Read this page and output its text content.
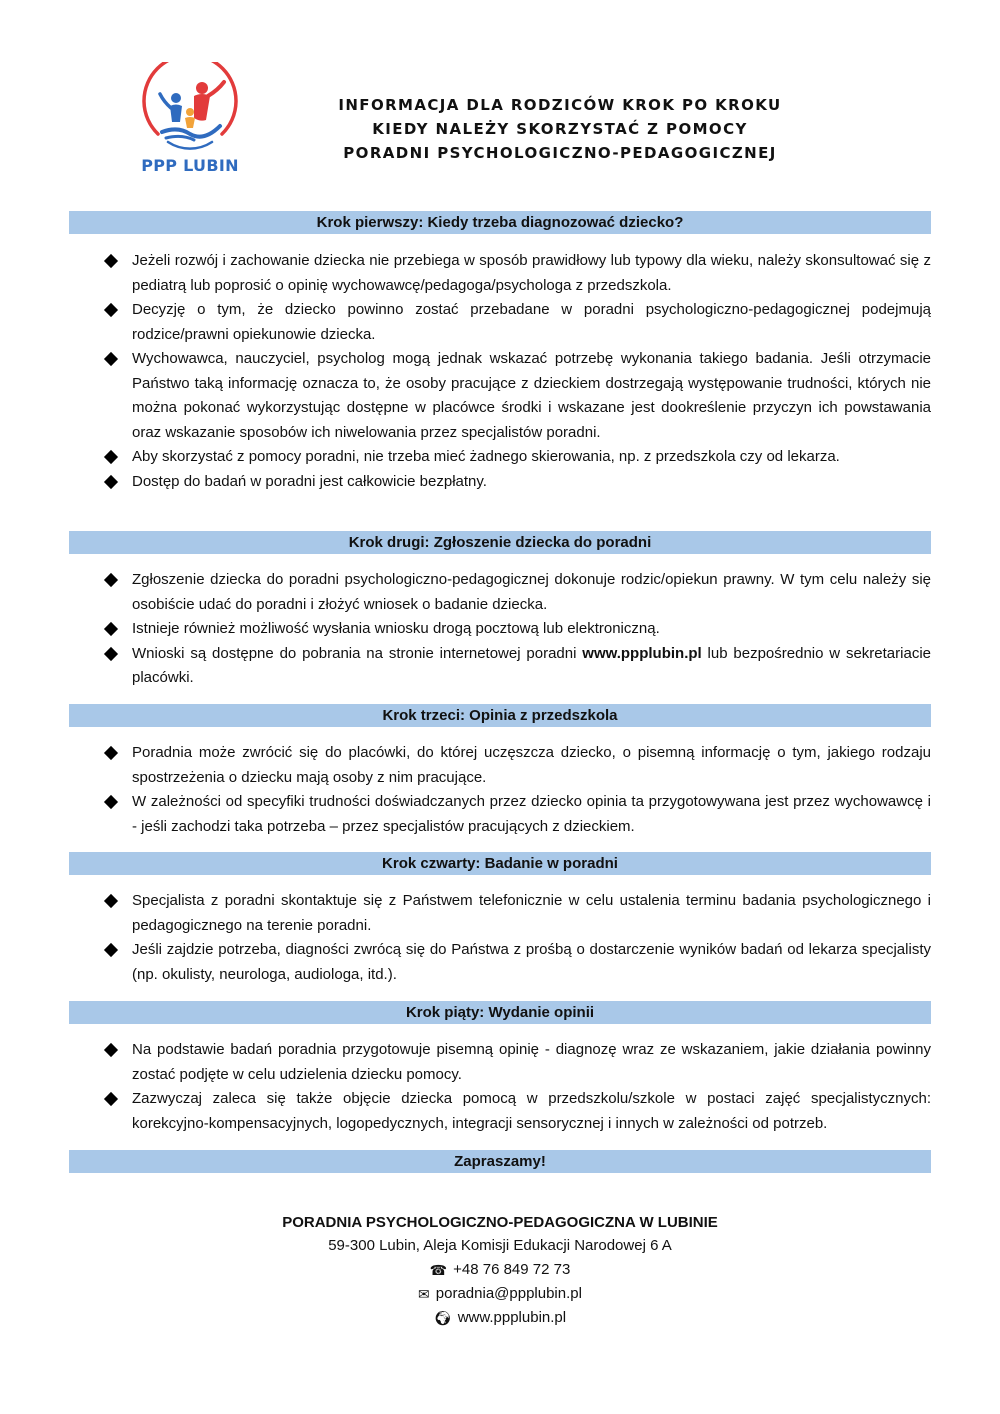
PPP LUBIN
INFORMACJA DLA RODZICÓW KROK PO KROKU
KIEDY NALEŻY SKORZYSTAĆ Z POMOCY
PORADNI PSYCHOLOGICZNO-PEDAGOGICZNEJ
Krok pierwszy: Kiedy trzeba diagnozować dziecko?
Jeżeli rozwój i zachowanie dziecka nie przebiega w sposób prawidłowy lub typowy dla wieku, należy skonsultować się z pediatrą lub poprosić o opinię wychowawcę/pedagoga/psychologa z przedszkola.
Decyzję o tym, że dziecko powinno zostać przebadane w poradni psychologiczno-pedagogicznej podejmują rodzice/prawni opiekunowie dziecka.
Wychowawca, nauczyciel, psycholog mogą jednak wskazać potrzebę wykonania takiego badania. Jeśli otrzymacie Państwo taką informację oznacza to, że osoby pracujące z dzieckiem dostrzegają występowanie trudności, których nie można pokonać wykorzystując dostępne w placówce środki i wskazane jest dookreślenie przyczyn ich powstawania oraz wskazanie sposobów ich niwelowania przez specjalistów poradni.
Aby skorzystać z pomocy poradni, nie trzeba mieć żadnego skierowania, np. z przedszkola czy od lekarza.
Dostęp do badań w poradni jest całkowicie bezpłatny.
Krok drugi: Zgłoszenie dziecka do poradni
Zgłoszenie dziecka do poradni psychologiczno-pedagogicznej dokonuje rodzic/opiekun prawny. W tym celu należy się osobiście udać do poradni i złożyć wniosek o badanie dziecka.
Istnieje również możliwość wysłania wniosku drogą pocztową lub elektroniczną.
Wnioski są dostępne do pobrania na stronie internetowej poradni www.ppplubin.pl lub bezpośrednio w sekretariacie placówki.
Krok trzeci: Opinia z przedszkola
Poradnia może zwrócić się do placówki, do której uczęszcza dziecko, o pisemną informację o tym, jakiego rodzaju spostrzeżenia o dziecku mają osoby z nim pracujące.
W zależności od specyfiki trudności doświadczanych przez dziecko opinia ta przygotowywana jest przez wychowawcę i - jeśli zachodzi taka potrzeba – przez specjalistów pracujących z dzieckiem.
Krok czwarty: Badanie w poradni
Specjalista z poradni skontaktuje się z Państwem telefonicznie w celu ustalenia terminu badania psychologicznego i pedagogicznego na terenie poradni.
Jeśli zajdzie potrzeba, diagności zwrócą się do Państwa z prośbą o dostarczenie wyników badań od lekarza specjalisty (np. okulisty, neurologa, audiologa, itd.).
Krok piąty: Wydanie opinii
Na podstawie badań poradnia przygotowuje pisemną opinię - diagnozę wraz ze wskazaniem, jakie działania powinny zostać podjęte w celu udzielenia dziecku pomocy.
Zazwyczaj zaleca się także objęcie dziecka pomocą w przedszkolu/szkole w postaci zajęć specjalistycznych: korekcyjno-kompensacyjnych, logopedycznych, integracji sensorycznej i innych w zależności od potrzeb.
Zapraszamy!
PORADNIA PSYCHOLOGICZNO-PEDAGOGICZNA W LUBINIE
59-300 Lubin, Aleja Komisji Edukacji Narodowej 6 A
☎ +48 76 849 72 73
✉ poradnia@ppplubin.pl
🌍︎ www.ppplubin.pl
